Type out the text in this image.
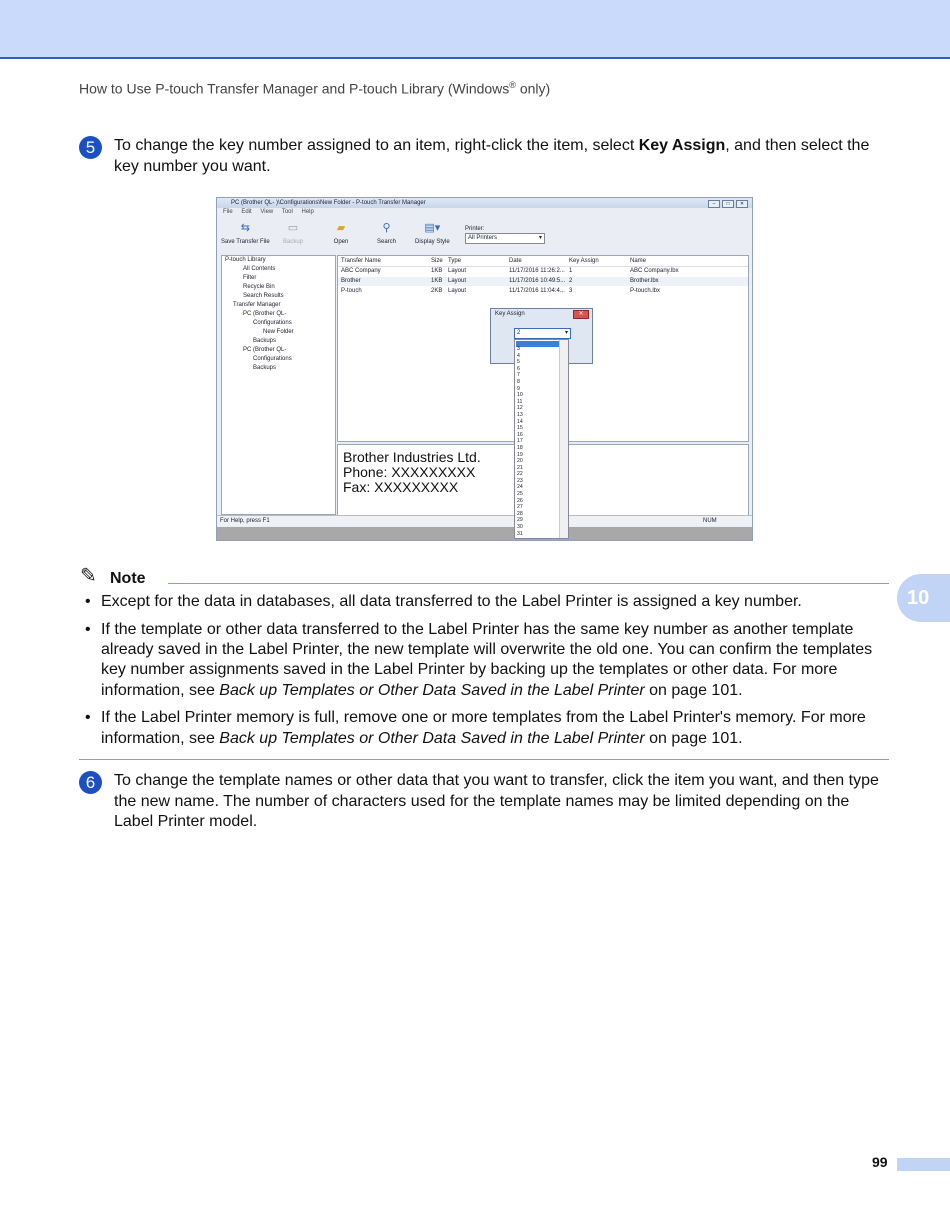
How to Use P-touch Transfer Manager and P-touch Library (Windows® only)
5	To change the key number assigned to an item, right-click the item, select Key Assign, and then select the key number you want.
PC (Brother QL- )\Configurations\New Folder - P-touch Transfer Manager	–	□	✕
File Edit View Tool Help
⇆
Save Transfer File
▭
Backup
▰
Open
⚲
Search
▤▾
Display Style
Printer:
All Printers ▾
P-touch Library
All Contents
Filter
Recycle Bin
Search Results
Transfer Manager
PC (Brother QL-
Configurations
New Folder
Backups
PC (Brother QL-
Configurations
Backups
Transfer Name	Size Type	Date	Key Assign	Name
ABC Company	1KB Layout	11/17/2016 11:26:2... 1	ABC Company.lbx
Brother	1KB Layout	11/17/2016 10:49:5... 2	Brother.lbx
P-touch	2KB Layout	11/17/2016 11:04:4... 3	P-touch.lbx
Brother Industries Ltd.
Phone: XXXXXXXXX
Fax: XXXXXXXXX
For Help, press F1	NUM
Key Assign	✕
2 ▾
3
4
5
6
7
8
9
10
11
12
13
14
15
16
17
18
19
20
21
22
23
24
25
26
27
28
29
30
31
✎ Note
• Except for the data in databases, all data transferred to the Label Printer is assigned a key number.
• If the template or other data transferred to the Label Printer has the same key number as another template already saved in the Label Printer, the new template will overwrite the old one. You can confirm the templates key number assignments saved in the Label Printer by backing up the templates or other data. For more information, see Back up Templates or Other Data Saved in the Label Printer on page 101.
• If the Label Printer memory is full, remove one or more templates from the Label Printer's memory. For more information, see Back up Templates or Other Data Saved in the Label Printer on page 101.
6	To change the template names or other data that you want to transfer, click the item you want, and then type the new name. The number of characters used for the template names may be limited depending on the Label Printer model.
10
99
